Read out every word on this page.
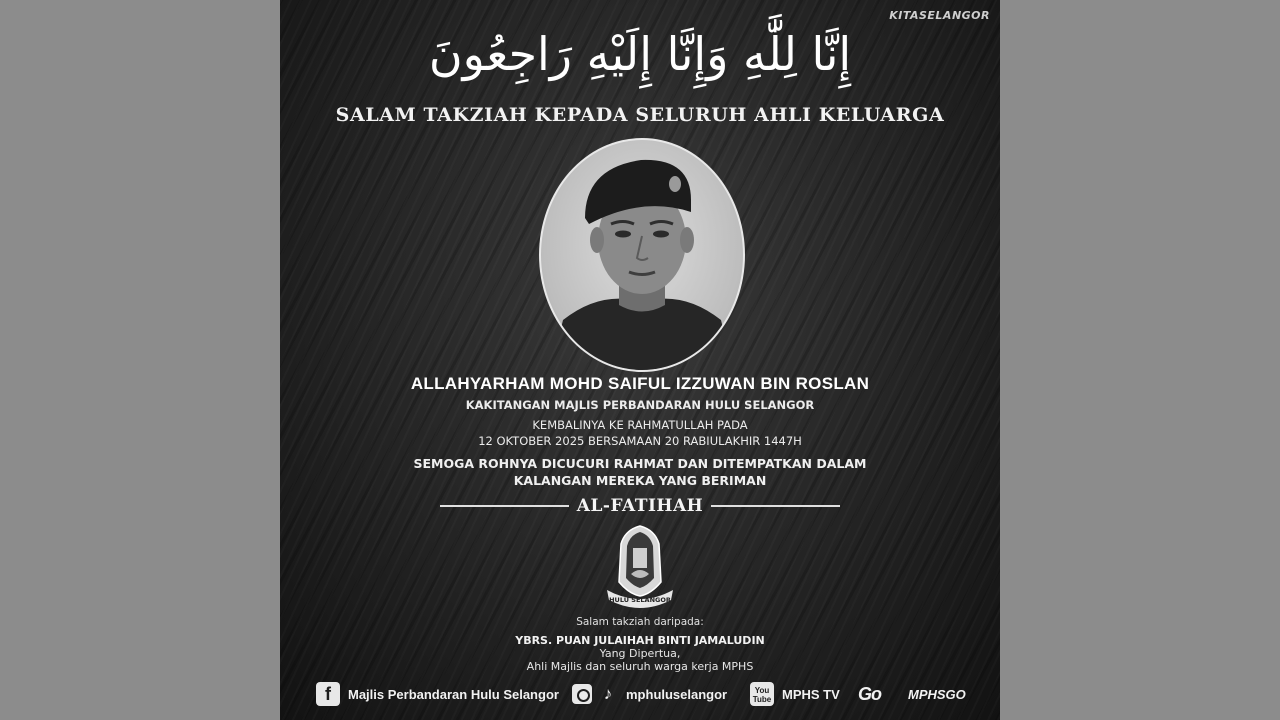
KITASELANGOR
إِنَّا لِلَّٰهِ وَإِنَّا إِلَيْهِ رَاجِعُونَ
SALAM TAKZIAH KEPADA SELURUH AHLI KELUARGA
ALLAHYARHAM MOHD SAIFUL IZZUWAN BIN ROSLAN
KAKITANGAN MAJLIS PERBANDARAN HULU SELANGOR
KEMBALINYA KE RAHMATULLAH PADA
12 OKTOBER 2025 BERSAMAAN 20 RABIULAKHIR 1447H
SEMOGA ROHNYA DICUCURI RAHMAT DAN DITEMPATKAN DALAM
KALANGAN MEREKA YANG BERIMAN
AL-FATIHAH
HULU SELANGOR
Salam takziah daripada:
YBRS. PUAN JULAIHAH BINTI JAMALUDIN
Yang Dipertua,
Ahli Majlis dan seluruh warga kerja MPHS
f	Majlis Perbandaran Hulu Selangor	♪ mphuluselangor	You
Tube MPHS TV Go	MPHSGO
